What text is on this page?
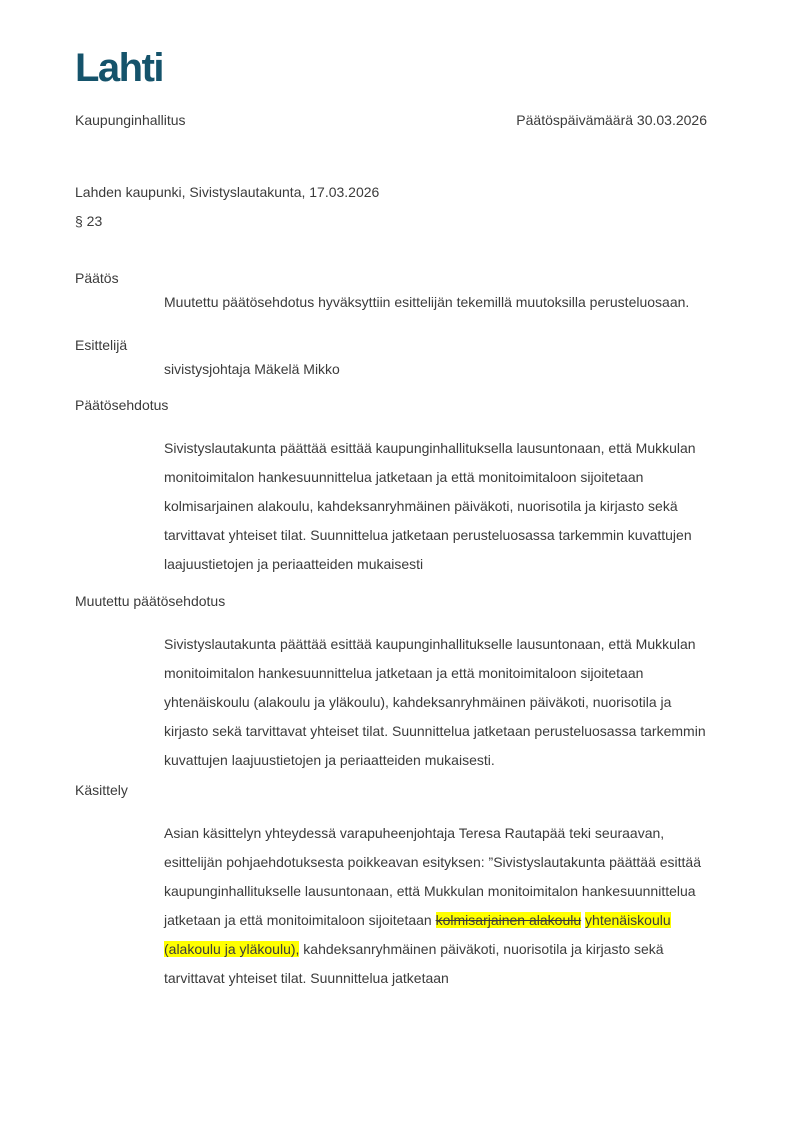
Lahti
Kaupunginhallitus	Päätöspäivämäärä 30.03.2026

Lahden kaupunki, Sivistyslautakunta, 17.03.2026

§ 23

Päätös

Muutettu päätösehdotus hyväksyttiin esittelijän tekemillä muutoksilla perusteluosaan.

Esittelijä

sivistysjohtaja Mäkelä Mikko

Päätösehdotus

Sivistyslautakunta päättää esittää kaupunginhallituksella lausuntonaan, että Mukkulan monitoimitalon hankesuunnittelua jatketaan ja että monitoimitaloon sijoitetaan kolmisarjainen alakoulu, kahdeksanryhmäinen päiväkoti, nuorisotila ja kirjasto sekä tarvittavat yhteiset tilat. Suunnittelua jatketaan perusteluosassa tarkemmin kuvattujen laajuustietojen ja periaatteiden mukaisesti

Muutettu päätösehdotus

Sivistyslautakunta päättää esittää kaupunginhallitukselle lausuntonaan, että Mukkulan monitoimitalon hankesuunnittelua jatketaan ja että monitoimitaloon sijoitetaan yhtenäiskoulu (alakoulu ja yläkoulu), kahdeksanryhmäinen päiväkoti, nuorisotila ja kirjasto sekä tarvittavat yhteiset tilat. Suunnittelua jatketaan perusteluosassa tarkemmin kuvattujen laajuustietojen ja periaatteiden mukaisesti.

Käsittely

Asian käsittelyn yhteydessä varapuheenjohtaja Teresa Rautapää teki seuraavan, esittelijän pohjaehdotuksesta poikkeavan esityksen: ”Sivistyslautakunta päättää esittää kaupunginhallitukselle lausuntonaan, että Mukkulan monitoimitalon hankesuunnittelua jatketaan ja että monitoimitaloon sijoitetaan kolmisarjainen alakoulu yhtenäiskoulu (alakoulu ja yläkoulu), kahdeksanryhmäinen päiväkoti, nuorisotila ja kirjasto sekä tarvittavat yhteiset tilat. Suunnittelua jatketaan
